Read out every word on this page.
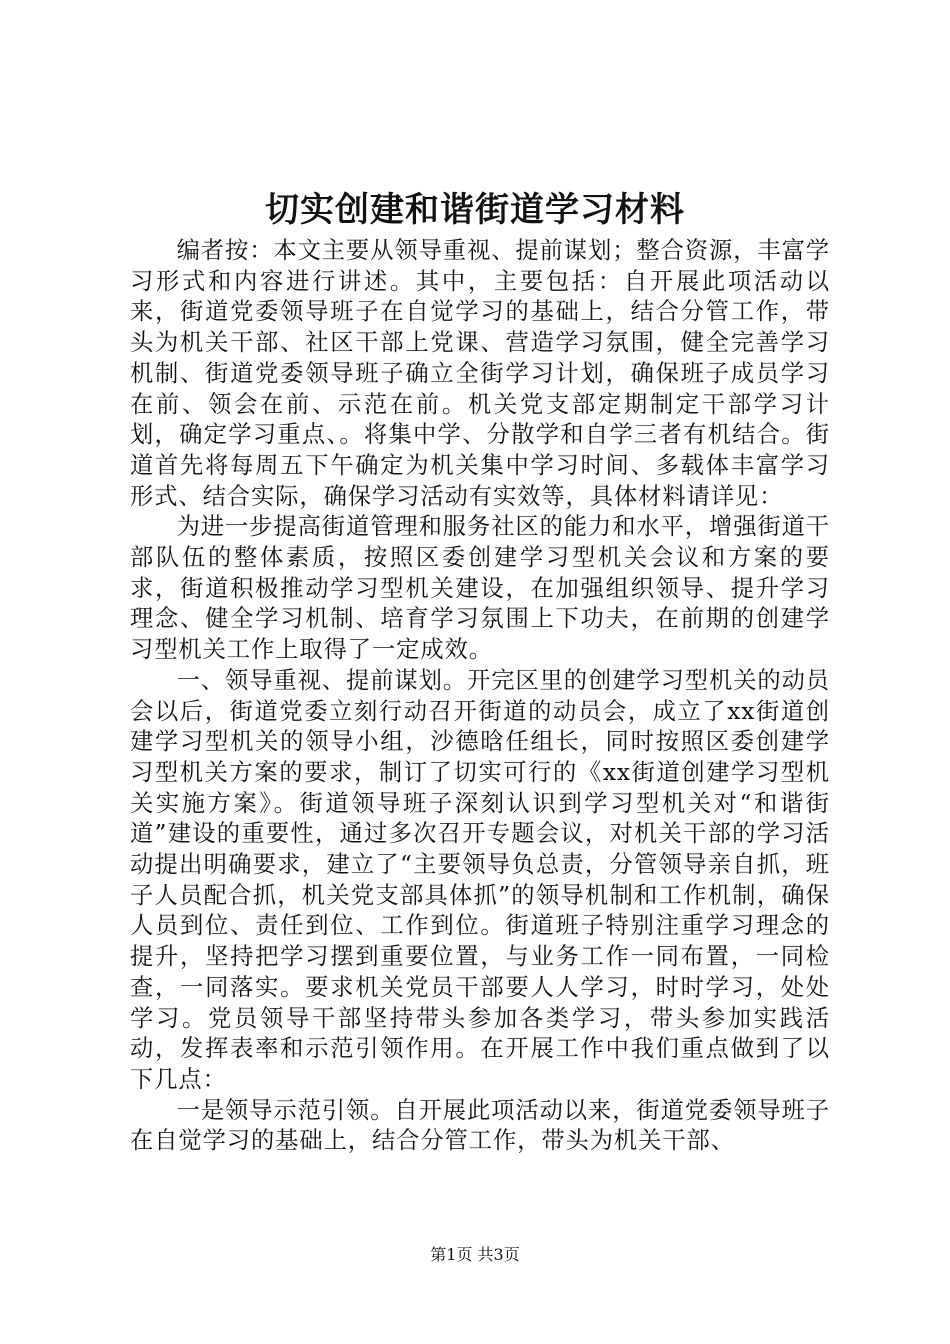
切实创建和谐街道学习材料

编者按：本文主要从领导重视、提前谋划；整合资源，丰富学习形式和内容进行讲述。其中，主要包括：自开展此项活动以来，街道党委领导班子在自觉学习的基础上，结合分管工作，带头为机关干部、社区干部上党课、营造学习氛围，健全完善学习机制、街道党委领导班子确立全街学习计划，确保班子成员学习在前、领会在前、示范在前。机关党支部定期制定干部学习计划，确定学习重点、。将集中学、分散学和自学三者有机结合。街道首先将每周五下午确定为机关集中学习时间、多载体丰富学习形式、结合实际，确保学习活动有实效等，具体材料请详见：

为进一步提高街道管理和服务社区的能力和水平，增强街道干部队伍的整体素质，按照区委创建学习型机关会议和方案的要求，街道积极推动学习型机关建设，在加强组织领导、提升学习理念、健全学习机制、培育学习氛围上下功夫，在前期的创建学习型机关工作上取得了一定成效。

一、领导重视、提前谋划。开完区里的创建学习型机关的动员会以后，街道党委立刻行动召开街道的动员会，成立了xx街道创建学习型机关的领导小组，沙德晗任组长，同时按照区委创建学习型机关方案的要求，制订了切实可行的《xx街道创建学习型机关实施方案》。街道领导班子深刻认识到学习型机关对“和谐街道”建设的重要性，通过多次召开专题会议，对机关干部的学习活动提出明确要求，建立了“主要领导负总责，分管领导亲自抓，班子人员配合抓，机关党支部具体抓”的领导机制和工作机制，确保人员到位、责任到位、工作到位。街道班子特别注重学习理念的提升，坚持把学习摆到重要位置，与业务工作一同布置，一同检查，一同落实。要求机关党员干部要人人学习，时时学习，处处学习。党员领导干部坚持带头参加各类学习，带头参加实践活动，发挥表率和示范引领作用。在开展工作中我们重点做到了以下几点：

一是领导示范引领。自开展此项活动以来，街道党委领导班子在自觉学习的基础上，结合分管工作，带头为机关干部、

第1页 共3页
